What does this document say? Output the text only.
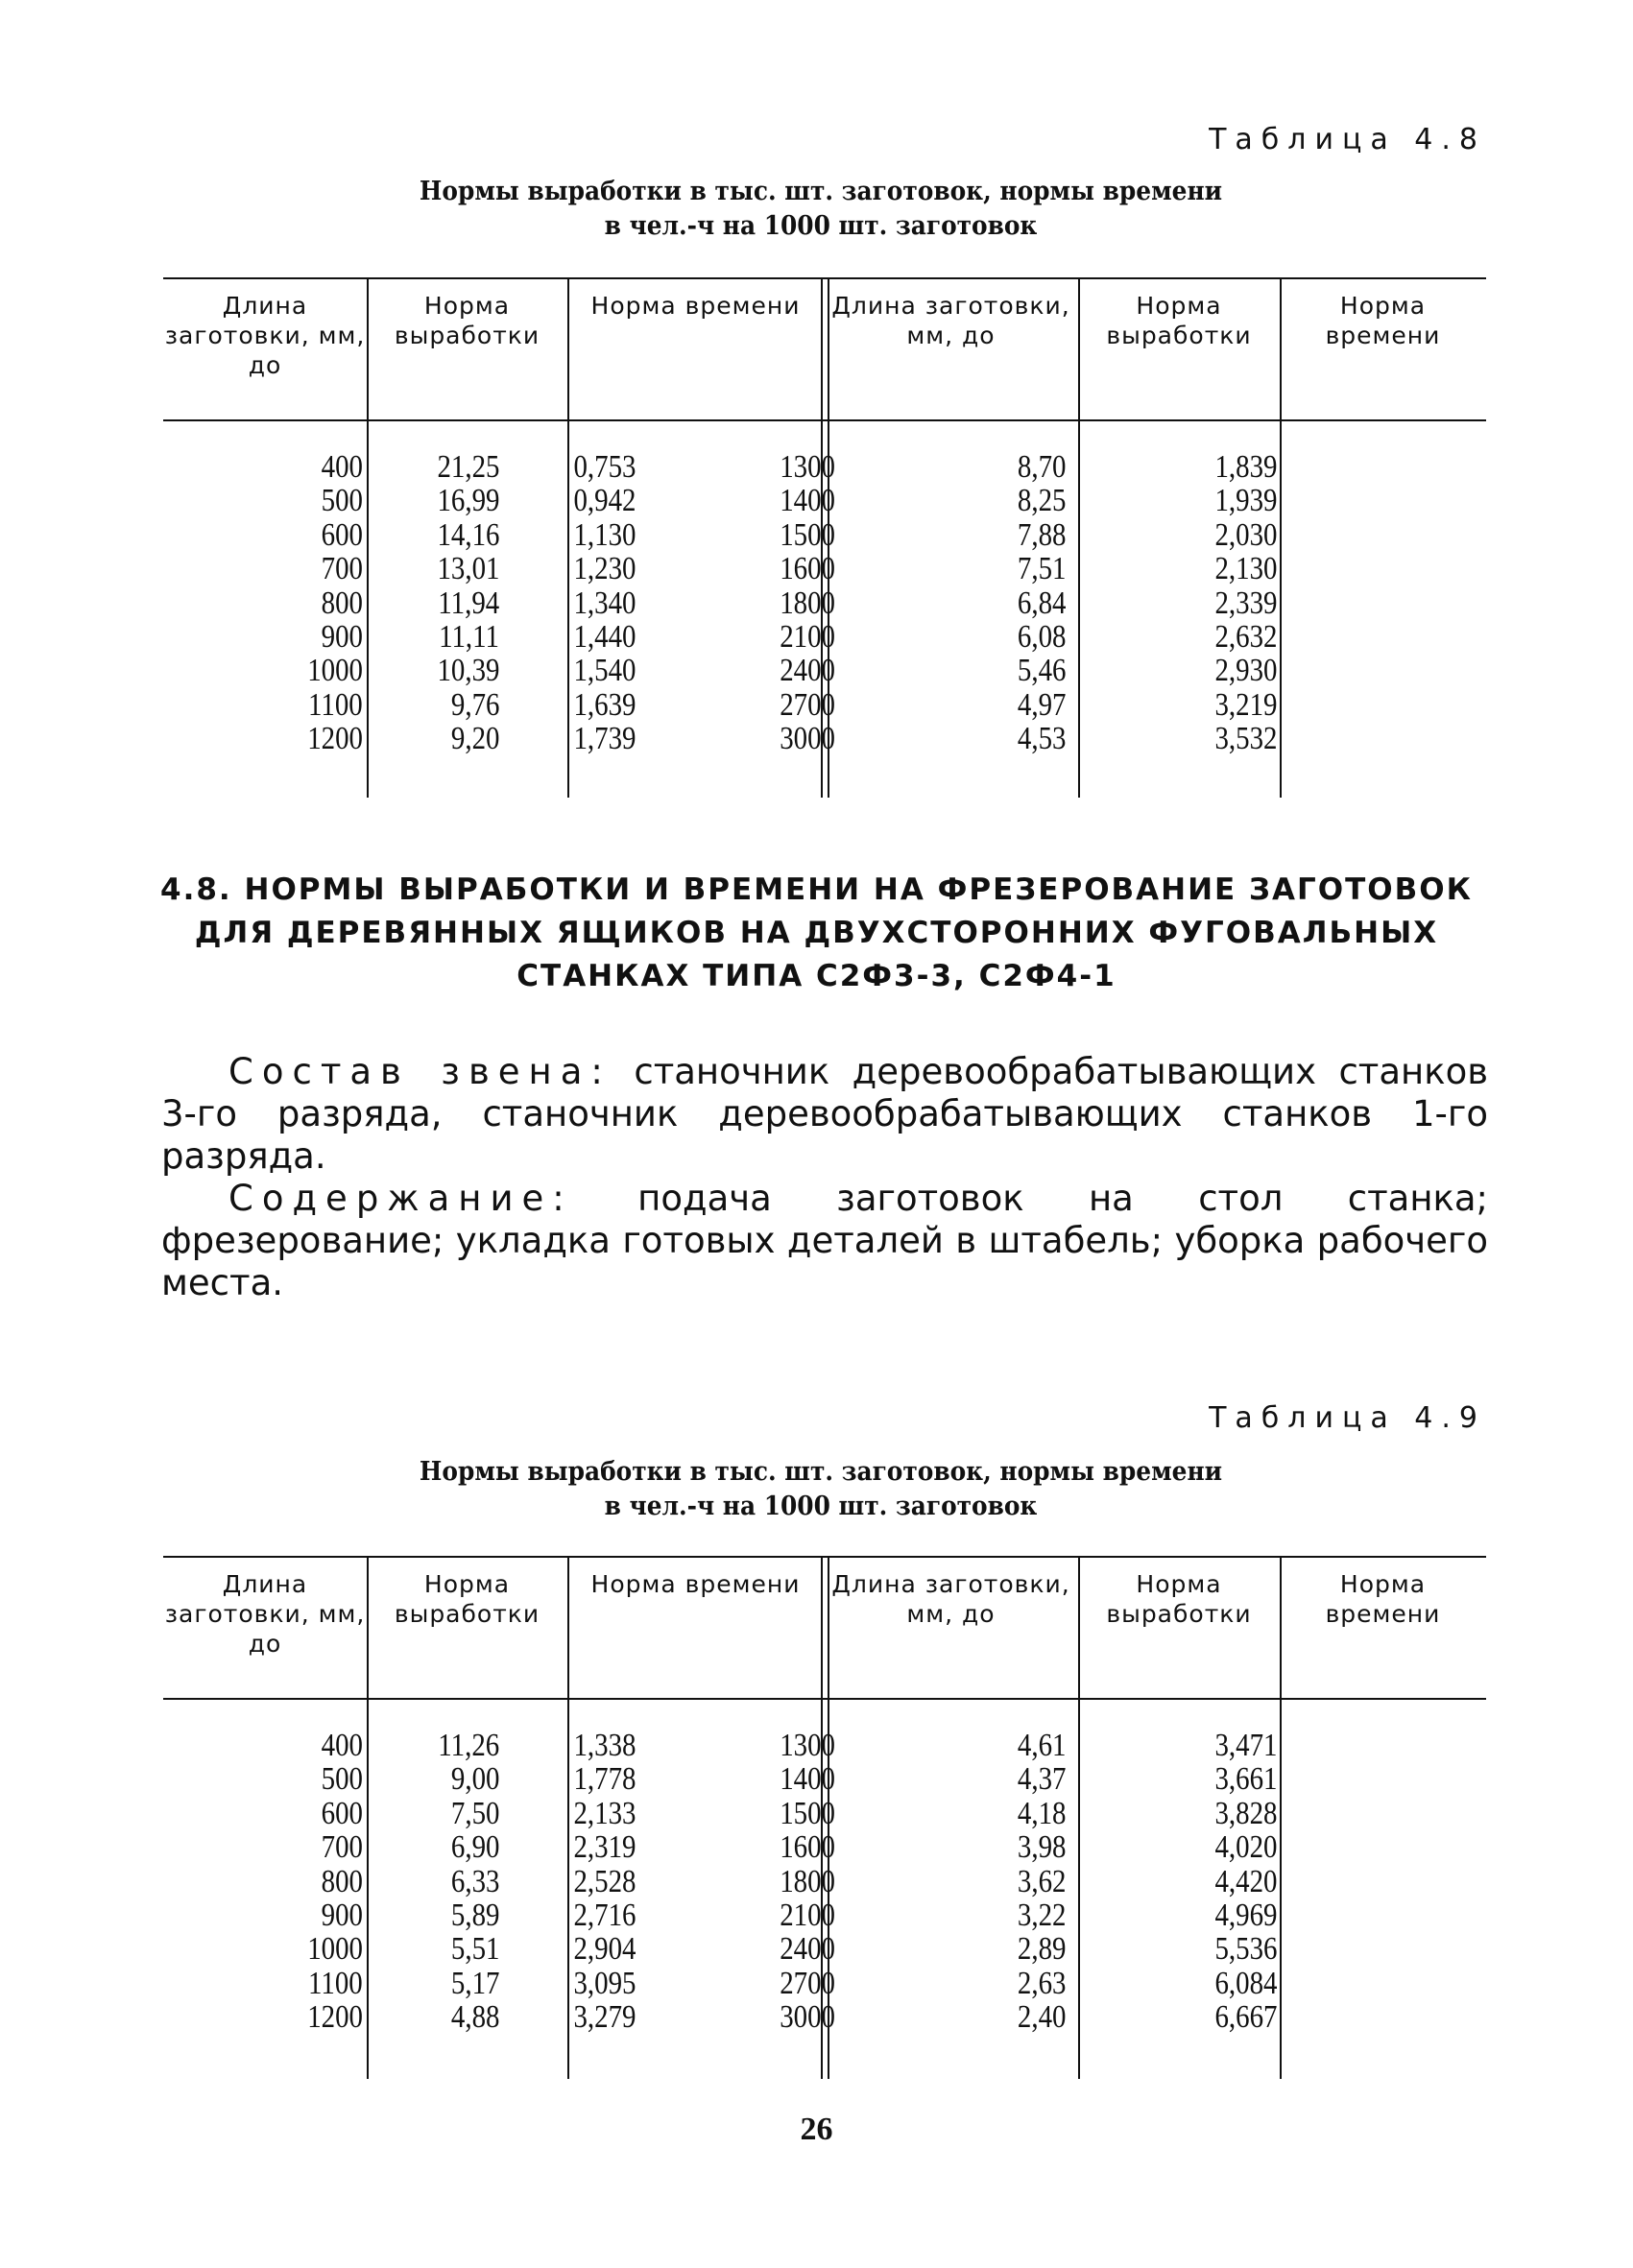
Таблица 4.8
Нормы выработки в тыс. шт. заготовок, нормы времени
в чел.-ч на 1000 шт. заготовок
Длина заготовки, мм, до
400
500
600
700
800
900
1000
1100
1200
Норма выработки
21,25
16,99
14,16
13,01
11,94
11,11
10,39
9,76
9,20
Норма времени
0,753
0,942
1,130
1,230
1,340
1,440
1,540
1,639
1,739
Длина заготовки, мм, до
1300
1400
1500
1600
1800
2100
2400
2700
3000
Норма выработки
8,70
8,25
7,88
7,51
6,84
6,08
5,46
4,97
4,53
Норма времени
1,839
1,939
2,030
2,130
2,339
2,632
2,930
3,219
3,532
4.8. НОРМЫ ВЫРАБОТКИ И ВРЕМЕНИ НА ФРЕЗЕРОВАНИЕ ЗАГОТОВОК
ДЛЯ ДЕРЕВЯННЫХ ЯЩИКОВ НА ДВУХСТОРОННИХ ФУГОВАЛЬНЫХ
СТАНКАХ ТИПА С2Ф3-3, С2Ф4-1
Состав звена: станочник деревообрабатывающих станков 3-го разряда, станочник деревообрабатывающих станков 1-го разряда.
Содержание: подача заготовок на стол станка; фрезерование; укладка готовых деталей в штабель; уборка рабочего места.
Таблица 4.9
Нормы выработки в тыс. шт. заготовок, нормы времени
в чел.-ч на 1000 шт. заготовок
Длина заготовки, мм, до
400
500
600
700
800
900
1000
1100
1200
Норма выработки
11,26
9,00
7,50
6,90
6,33
5,89
5,51
5,17
4,88
Норма времени
1,338
1,778
2,133
2,319
2,528
2,716
2,904
3,095
3,279
Длина заготовки, мм, до
1300
1400
1500
1600
1800
2100
2400
2700
3000
Норма выработки
4,61
4,37
4,18
3,98
3,62
3,22
2,89
2,63
2,40
Норма времени
3,471
3,661
3,828
4,020
4,420
4,969
5,536
6,084
6,667
26
